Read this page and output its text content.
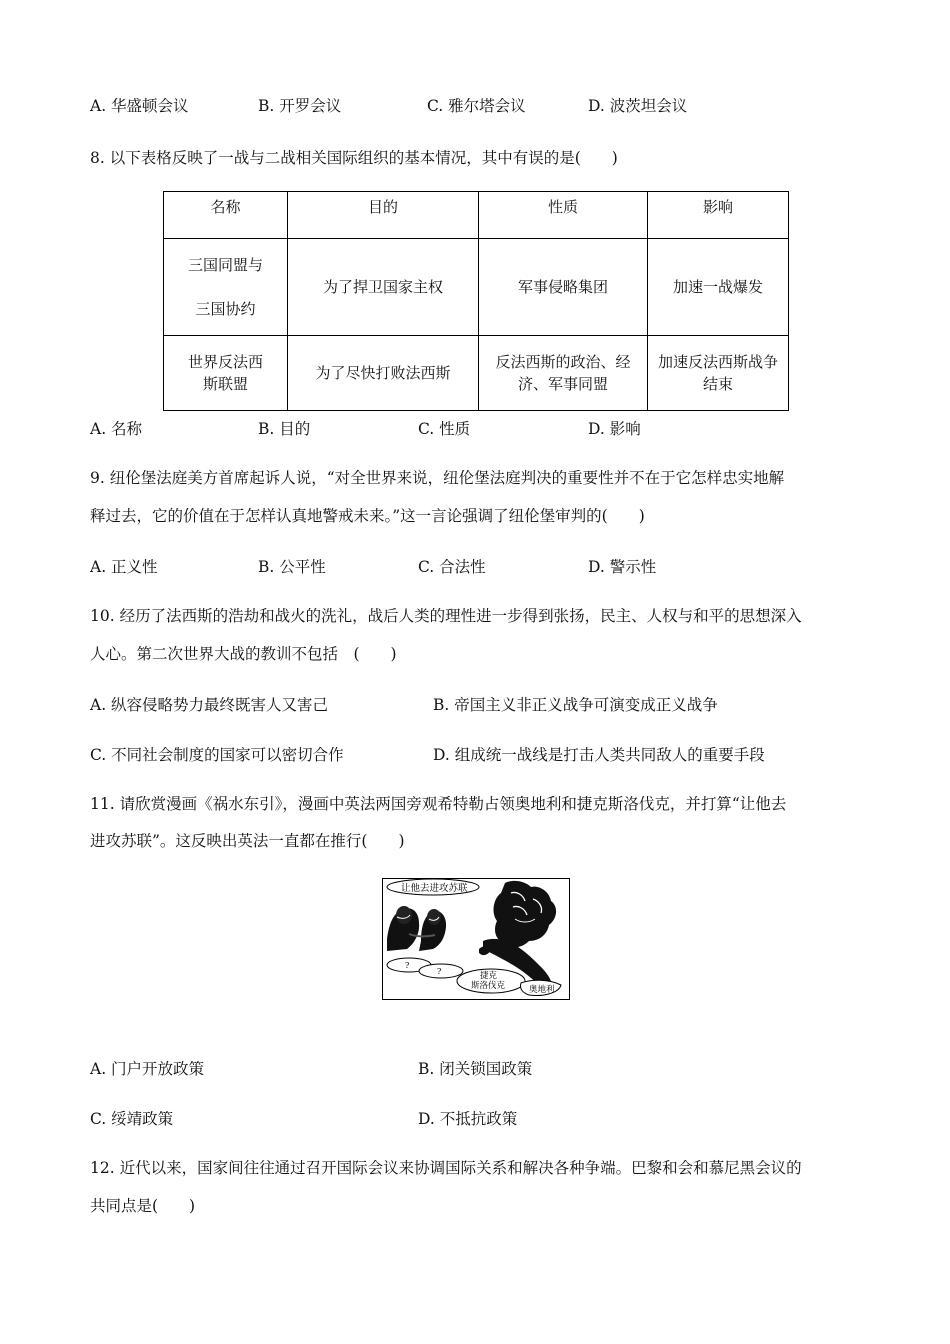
A. 华盛顿会议	B. 开罗会议	C. 雅尔塔会议	D. 波茨坦会议
8. 以下表格反映了一战与二战相关国际组织的基本情况，其中有误的是(　　)
名称	目的	性质	影响

三国同盟与
三国协约	为了捍卫国家主权	军事侵略集团	加速一战爆发
世界反法西斯联盟	为了尽快打败法西斯	反法西斯的政治、经济、军事同盟	加速反法西斯战争结束
A. 名称	B. 目的	C. 性质	D. 影响
9. 纽伦堡法庭美方首席起诉人说，“对全世界来说，纽伦堡法庭判决的重要性并不在于它怎样忠实地解
释过去，它的价值在于怎样认真地警戒未来。”这一言论强调了纽伦堡审判的(　　)
A. 正义性	B. 公平性	C. 合法性	D. 警示性
10. 经历了法西斯的浩劫和战火的洗礼，战后人类的理性进一步得到张扬，民主、人权与和平的思想深入
人心。第二次世界大战的教训不包括　(　　)
A. 纵容侵略势力最终既害人又害己	B. 帝国主义非正义战争可演变成正义战争
C. 不同社会制度的国家可以密切合作	D. 组成统一战线是打击人类共同敌人的重要手段
11. 请欣赏漫画《祸水东引》，漫画中英法两国旁观希特勒占领奥地利和捷克斯洛伐克，并打算“让他去
进攻苏联”。这反映出英法一直都在推行(　　)
让他去进攻苏联
?
?	捷克
斯洛伐克	奥地利
A. 门户开放政策	B. 闭关锁国政策
C. 绥靖政策	D. 不抵抗政策
12. 近代以来，国家间往往通过召开国际会议来协调国际关系和解决各种争端。巴黎和会和慕尼黑会议的
共同点是(　　)
